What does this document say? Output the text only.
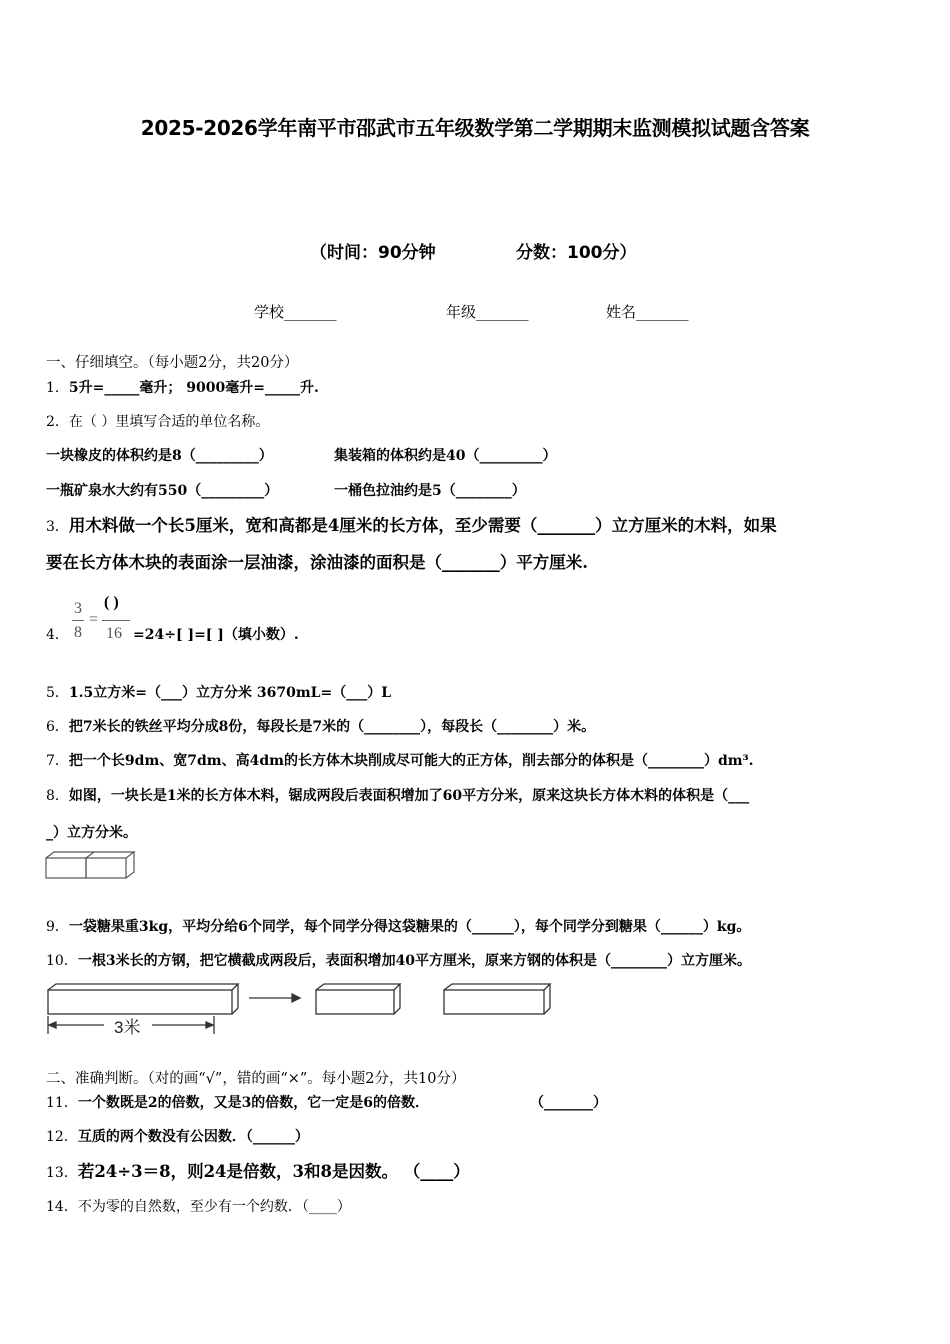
2025-2026学年南平市邵武市五年级数学第二学期期末监测模拟试题含答案
（时间：90分钟	分数：100分）
学校_______	年级_______	姓名_______
一、仔细填空。（每小题2分，共20分）
1．5升=_____毫升； 9000毫升=_____升.
2．在（ ）里填写合适的单位名称。
一块橡皮的体积约是8（_________）	集装箱的体积约是40（_________）
一瓶矿泉水大约有550（_________）	一桶色拉油约是5（________）
3．用木料做一个长5厘米，宽和高都是4厘米的长方体，至少需要（_______）立方厘米的木料，如果
要在长方体木块的表面涂一层油漆，涂油漆的面积是（_______）平方厘米.
4．
3
8
=
( )
16 =24÷[ ]=[ ]（填小数）.
5．1.5立方米=（___）立方分米 3670mL=（___）L
6．把7米长的铁丝平均分成8份，每段长是7米的（________），每段长（________）米。
7．把一个长9dm、宽7dm、高4dm的长方体木块削成尽可能大的正方体，削去部分的体积是（________）dm³.
8．如图，一块长是1米的长方体木料，锯成两段后表面积增加了60平方分米，原来这块长方体木料的体积是（___
_）立方分米。
9．一袋糖果重3kg，平均分给6个同学，每个同学分得这袋糖果的（______），每个同学分到糖果（______）kg。
10．一根3米长的方钢，把它横截成两段后，表面积增加40平方厘米，原来方钢的体积是（________）立方厘米。
3米
二、准确判断。（对的画“√”，错的画“×”。每小题2分，共10分）
11．一个数既是2的倍数，又是3的倍数，它一定是6的倍数．	（_______）
12．互质的两个数没有公因数．（______）
13．若24÷3＝8，则24是倍数，3和8是因数。 （____）
14．不为零的自然数，至少有一个约数．（____）
